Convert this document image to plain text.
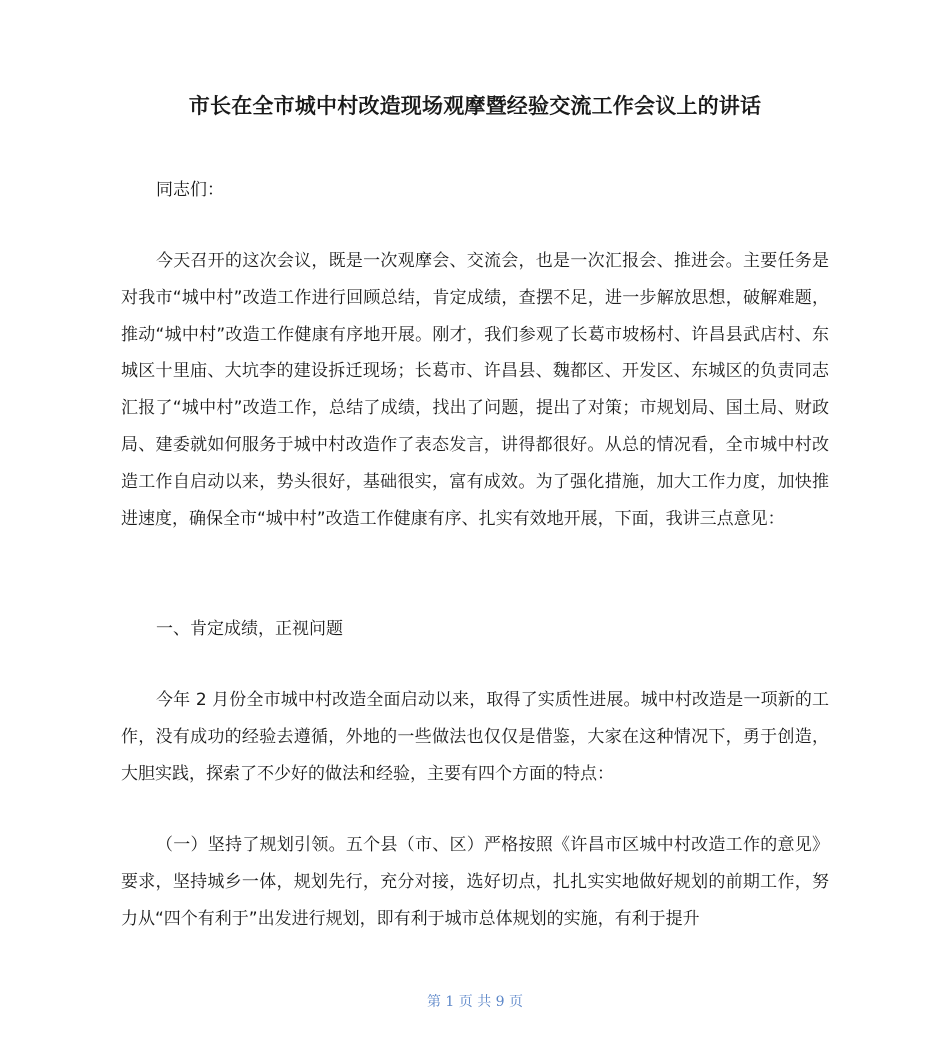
市长在全市城中村改造现场观摩暨经验交流工作会议上的讲话

同志们：

今天召开的这次会议，既是一次观摩会、交流会，也是一次汇报会、推进会。主要任务是对我市“城中村”改造工作进行回顾总结，肯定成绩，查摆不足，进一步解放思想，破解难题，推动“城中村”改造工作健康有序地开展。刚才，我们参观了长葛市坡杨村、许昌县武店村、东城区十里庙、大坑李的建设拆迁现场；长葛市、许昌县、魏都区、开发区、东城区的负责同志汇报了“城中村”改造工作，总结了成绩，找出了问题，提出了对策；市规划局、国土局、财政局、建委就如何服务于城中村改造作了表态发言，讲得都很好。从总的情况看，全市城中村改造工作自启动以来，势头很好，基础很实，富有成效。为了强化措施，加大工作力度，加快推进速度，确保全市“城中村”改造工作健康有序、扎实有效地开展，下面，我讲三点意见：

一、肯定成绩，正视问题

今年 2 月份全市城中村改造全面启动以来，取得了实质性进展。城中村改造是一项新的工作，没有成功的经验去遵循，外地的一些做法也仅仅是借鉴，大家在这种情况下，勇于创造，大胆实践，探索了不少好的做法和经验，主要有四个方面的特点：

（一）坚持了规划引领。五个县（市、区）严格按照《许昌市区城中村改造工作的意见》要求，坚持城乡一体，规划先行，充分对接，选好切点，扎扎实实地做好规划的前期工作，努力从“四个有利于”出发进行规划，即有利于城市总体规划的实施，有利于提升

第 1 页 共 9 页
